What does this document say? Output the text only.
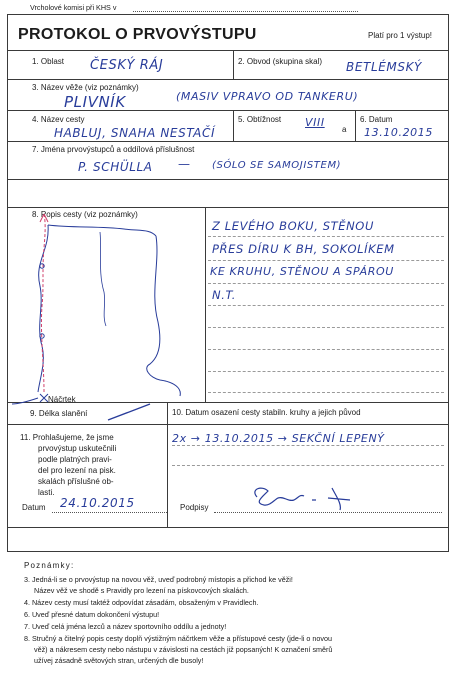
Vrcholové komisi při KHS v
PROTOKOL O PRVOVÝSTUPU	Platí pro 1 výstup!
1. Oblast ČESKÝ RÁJ	2. Obvod (skupina skal) BETLÉMSKÝ
3. Název věže (viz poznámky)
PLIVNÍK	(MASIV VPRAVO OD TANKERU)
4. Název cesty
HABLUJ, SNAHA NESTAČÍ
5. Obtížnost VIII
a
6. Datum
13.10.2015
7. Jména prvovýstupců a oddílová příslušnost
P. SCHÜLLA — (SÓLO SE SAMOJISTEM)
8. Popis cesty (viz poznámky)
Z LEVÉHO BOKU, STĚNOU
PŘES DÍRU K BH, SOKOLÍKEM
KE KRUHU, STĚNOU A SPÁROU
N.T.
Náčrtek
9. Délka slanění	10. Datum osazení cesty stabiln. kruhy a jejich původ
2x → 13.10.2015 → SEKČNÍ LEPENÝ
11. Prohlašujeme, že jsme
prvovýstup uskutečnili
podle platných pravi-
del pro lezení na pisk.
skalách příslušné ob-
lasti.
Datum 24.10.2015	Podpisy
Poznámky:
3. Jedná-li se o prvovýstup na novou věž, uveď podrobný místopis a přichod ke věži!
Název věž ve shodě s Pravidly pro lezení na pískovcových skalách.
4. Název cesty musí taktéž odpovídat zásadám, obsaženým v Pravidlech.
6. Uveď přesné datum dokončení výstupu!
7. Uveď celá jména lezců a název sportovního oddílu a jednoty!
8. Stručný a čitelný popis cesty doplň výstižným náčrtkem věže a přístupové cesty (jde-li o novou
věž) a nákresem cesty nebo nástupu v závislosti na cestách již popsaných! K označení směrů
užívej zásadně světových stran, určených dle busoly!
